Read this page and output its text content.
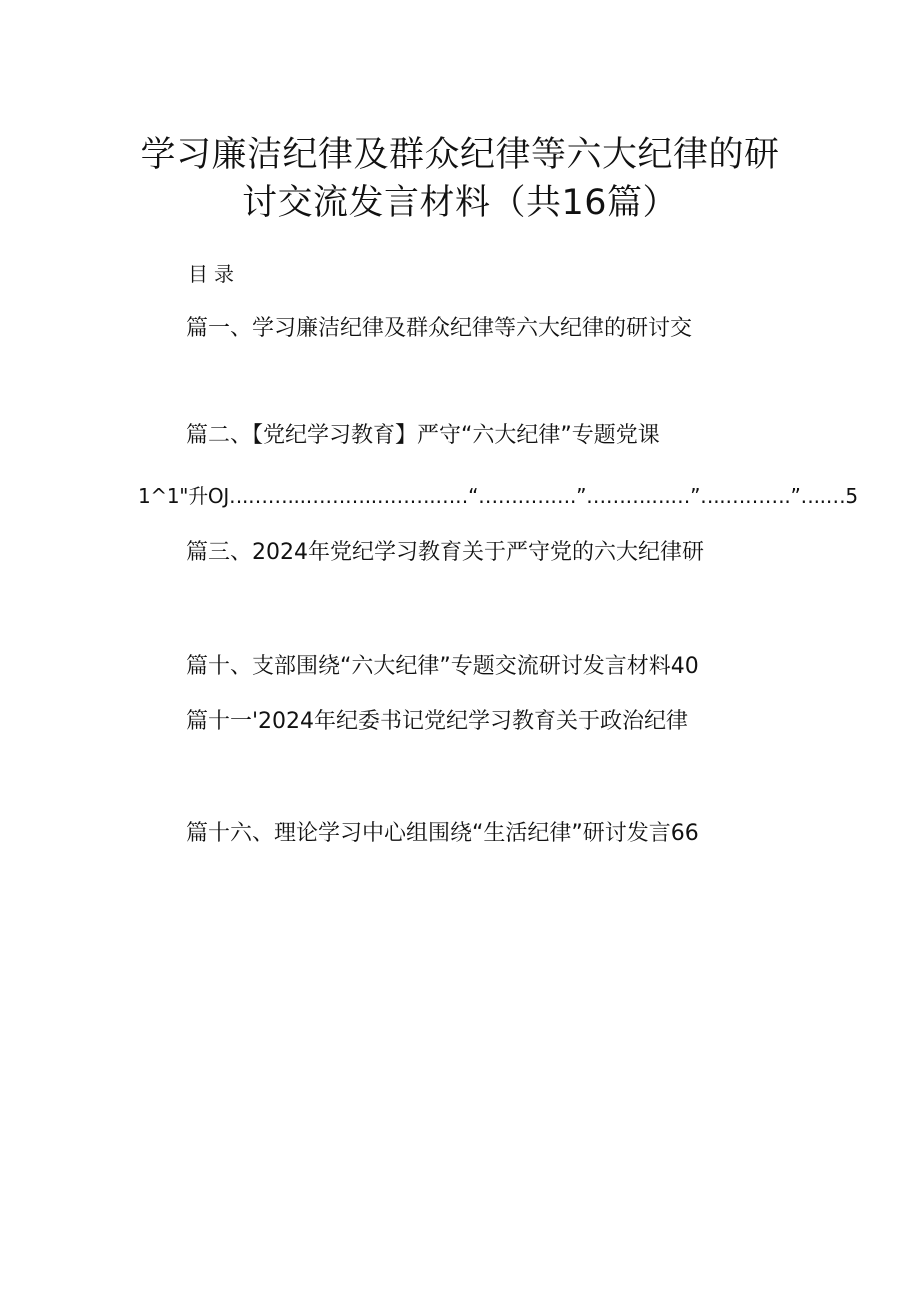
学习廉洁纪律及群众纪律等六大纪律的研
讨交流发言材料（共16篇）
目录
篇一、学习廉洁纪律及群众纪律等六大纪律的研讨交
篇二、【党纪学习教育】严守“六大纪律”专题党课
1^1"升OJ‥.……...………..‥…….…‥“……‥…….”……….‥.…”‥..……….”‥..…5
篇三、2024年党纪学习教育关于严守党的六大纪律研
篇十、支部围绕“六大纪律”专题交流研讨发言材料40
篇十一'2024年纪委书记党纪学习教育关于政治纪律
篇十六、理论学习中心组围绕“生活纪律”研讨发言66
